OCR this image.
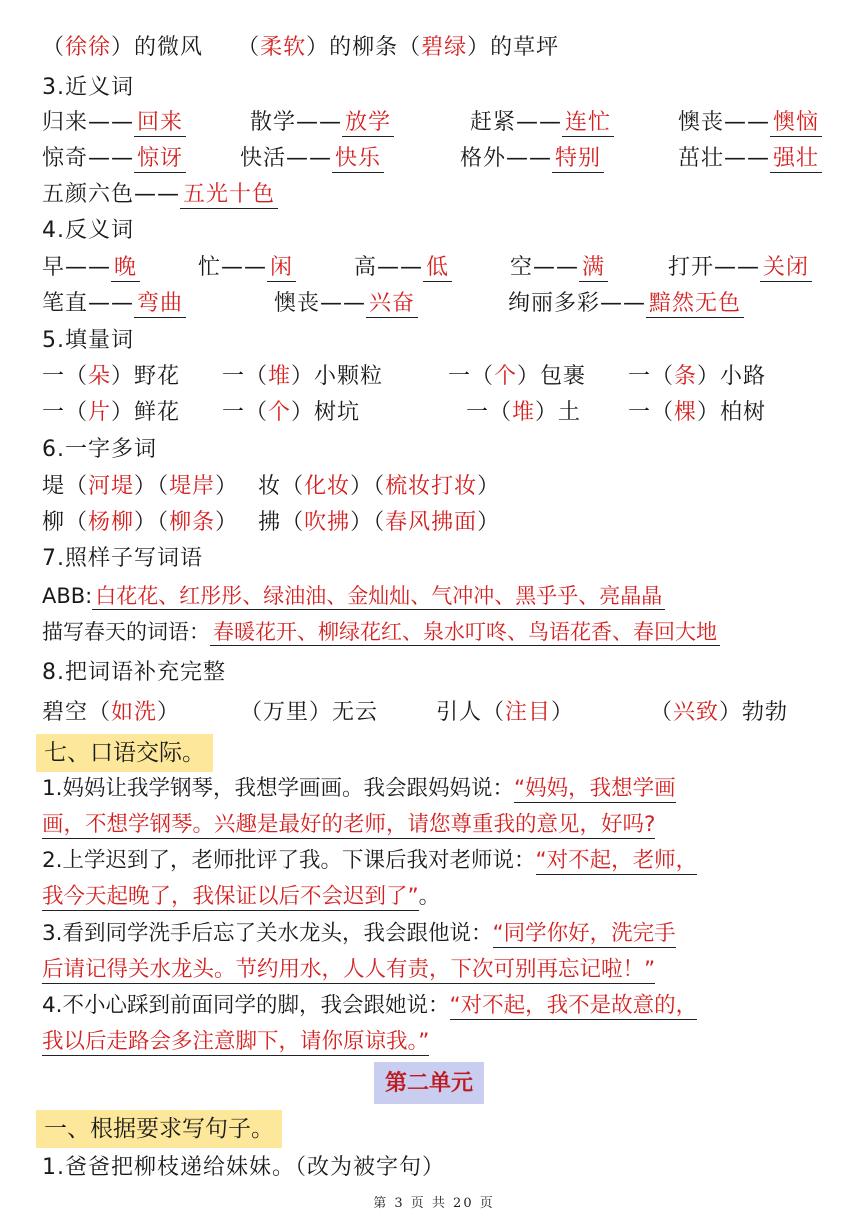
（徐徐）的微风 （柔软）的柳条（碧绿）的草坪
3.近义词
归来—— 回来	散学—— 放学	赶紧—— 连忙	懊丧—— 懊恼
惊奇—— 惊讶	快活—— 快乐	格外—— 特别	茁壮—— 强壮
五颜六色—— 五光十色
4.反义词
早—— 晚	忙—— 闲	高—— 低	空—— 满	打开—— 关闭
笔直—— 弯曲	懊丧—— 兴奋	绚丽多彩—— 黯然无色
5.填量词
一（朵）野花 一（堆）小颗粒	一（个）包裹 一（条）小路
一（片）鲜花 一（个）树坑	一（堆）土 一（棵）柏树
6.一字多词
堤（河堤）（堤岸） 妆（化妆）（梳妆打妆）
柳（杨柳）（柳条） 拂（吹拂）（春风拂面）
7.照样子写词语
ABB: 白花花、红彤彤、绿油油、金灿灿、气冲冲、黑乎乎、亮晶晶
描写春天的词语： 春暖花开、柳绿花红、泉水叮咚、鸟语花香、春回大地
8.把词语补充完整
碧空（如洗）	（万里）无云	引人（注目）	（兴致）勃勃
七、口语交际。
1.妈妈让我学钢琴，我想学画画。我会跟妈妈说：“妈妈，我想学画
画，不想学钢琴。兴趣是最好的老师，请您尊重我的意见，好吗?
2.上学迟到了，老师批评了我。下课后我对老师说：“对不起，老师，
我今天起晚了，我保证以后不会迟到了”。
3.看到同学洗手后忘了关水龙头，我会跟他说：“同学你好，洗完手
后请记得关水龙头。节约用水，人人有责，下次可别再忘记啦！”
4.不小心踩到前面同学的脚，我会跟她说：“对不起，我不是故意的，
我以后走路会多注意脚下，请你原谅我。”
第二单元
一、根据要求写句子。
1.爸爸把柳枝递给妹妹。（改为被字句）
第 3 页 共 20 页
